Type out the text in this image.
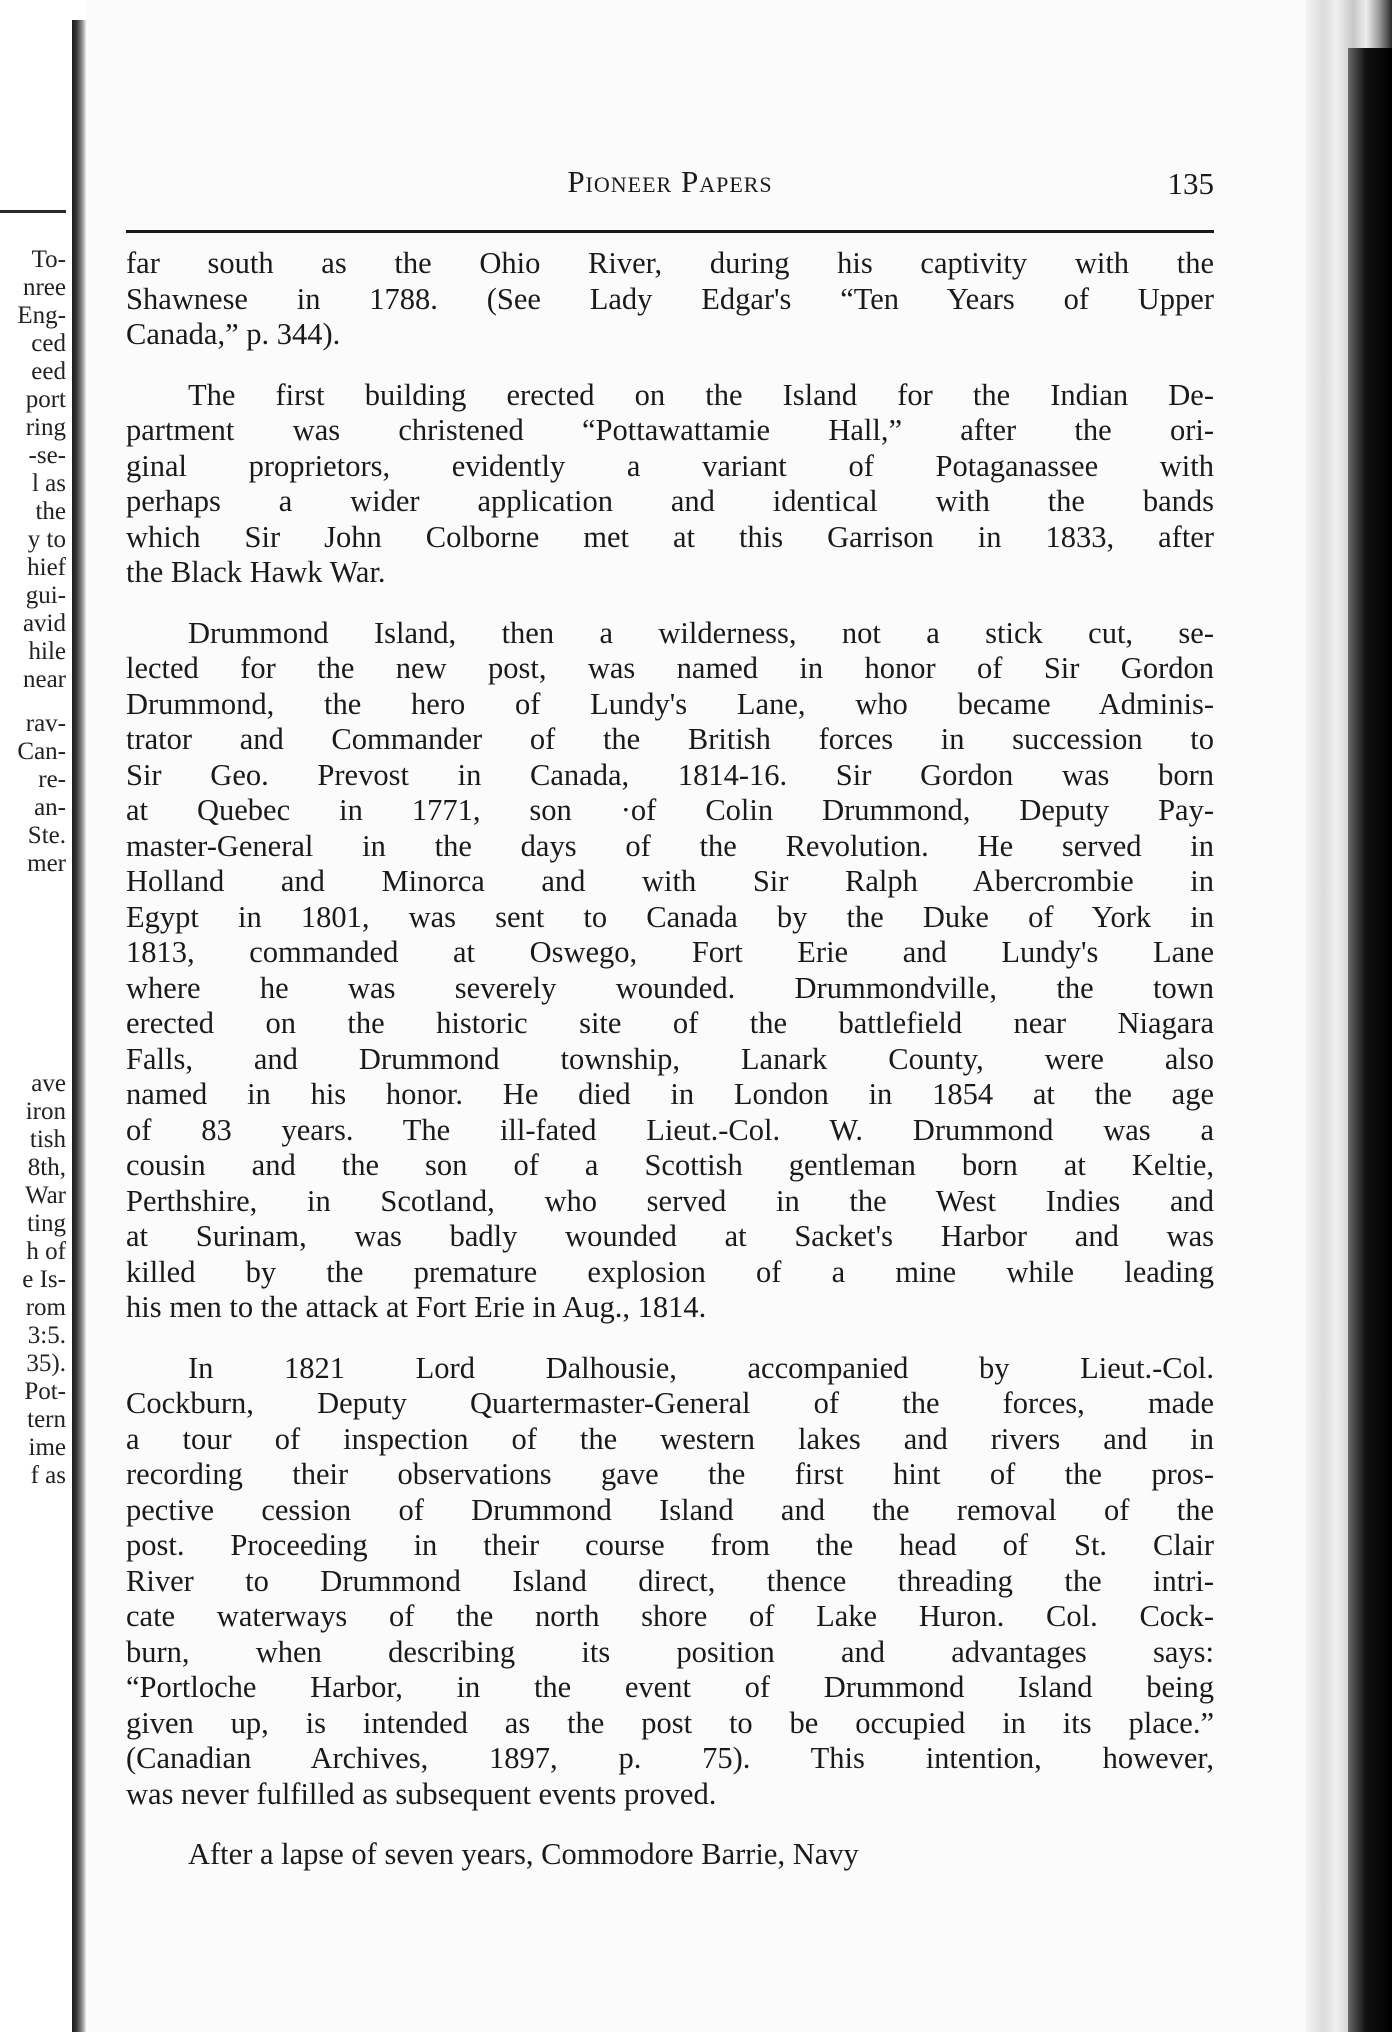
To-
nree
Eng-
ced
eed
port
ring
-se-
l as
the
y to
hief
gui-
avid
hile
near
rav-
Can-
re-
an-
Ste.
mer
ave
iron
tish
8th,
War
ting
h of
e Is-
rom
3:5.
35).
Pot-
tern
ime
f as
Pioneer Papers	135
far south as the Ohio River, during his captivity with the
Shawnese in 1788. (See Lady Edgar's “Ten Years of Upper
Canada,” p. 344).
The first building erected on the Island for the Indian De-
partment was christened “Pottawattamie Hall,” after the ori-
ginal proprietors, evidently a variant of Potaganassee with
perhaps a wider application and identical with the bands
which Sir John Colborne met at this Garrison in 1833, after
the Black Hawk War.
Drummond Island, then a wilderness, not a stick cut, se-
lected for the new post, was named in honor of Sir Gordon
Drummond, the hero of Lundy's Lane, who became Adminis-
trator and Commander of the British forces in succession to
Sir Geo. Prevost in Canada, 1814-16. Sir Gordon was born
at Quebec in 1771, son ·of Colin Drummond, Deputy Pay-
master-General in the days of the Revolution. He served in
Holland and Minorca and with Sir Ralph Abercrombie in
Egypt in 1801, was sent to Canada by the Duke of York in
1813, commanded at Oswego, Fort Erie and Lundy's Lane
where he was severely wounded. Drummondville, the town
erected on the historic site of the battlefield near Niagara
Falls, and Drummond township, Lanark County, were also
named in his honor. He died in London in 1854 at the age
of 83 years. The ill-fated Lieut.-Col. W. Drummond was a
cousin and the son of a Scottish gentleman born at Keltie,
Perthshire, in Scotland, who served in the West Indies and
at Surinam, was badly wounded at Sacket's Harbor and was
killed by the premature explosion of a mine while leading
his men to the attack at Fort Erie in Aug., 1814.
In 1821 Lord Dalhousie, accompanied by Lieut.-Col.
Cockburn, Deputy Quartermaster-General of the forces, made
a tour of inspection of the western lakes and rivers and in
recording their observations gave the first hint of the pros-
pective cession of Drummond Island and the removal of the
post. Proceeding in their course from the head of St. Clair
River to Drummond Island direct, thence threading the intri-
cate waterways of the north shore of Lake Huron. Col. Cock-
burn, when describing its position and advantages says:
“Portloche Harbor, in the event of Drummond Island being
given up, is intended as the post to be occupied in its place.”
(Canadian Archives, 1897, p. 75). This intention, however,
was never fulfilled as subsequent events proved.
After a lapse of seven years, Commodore Barrie, Navy
